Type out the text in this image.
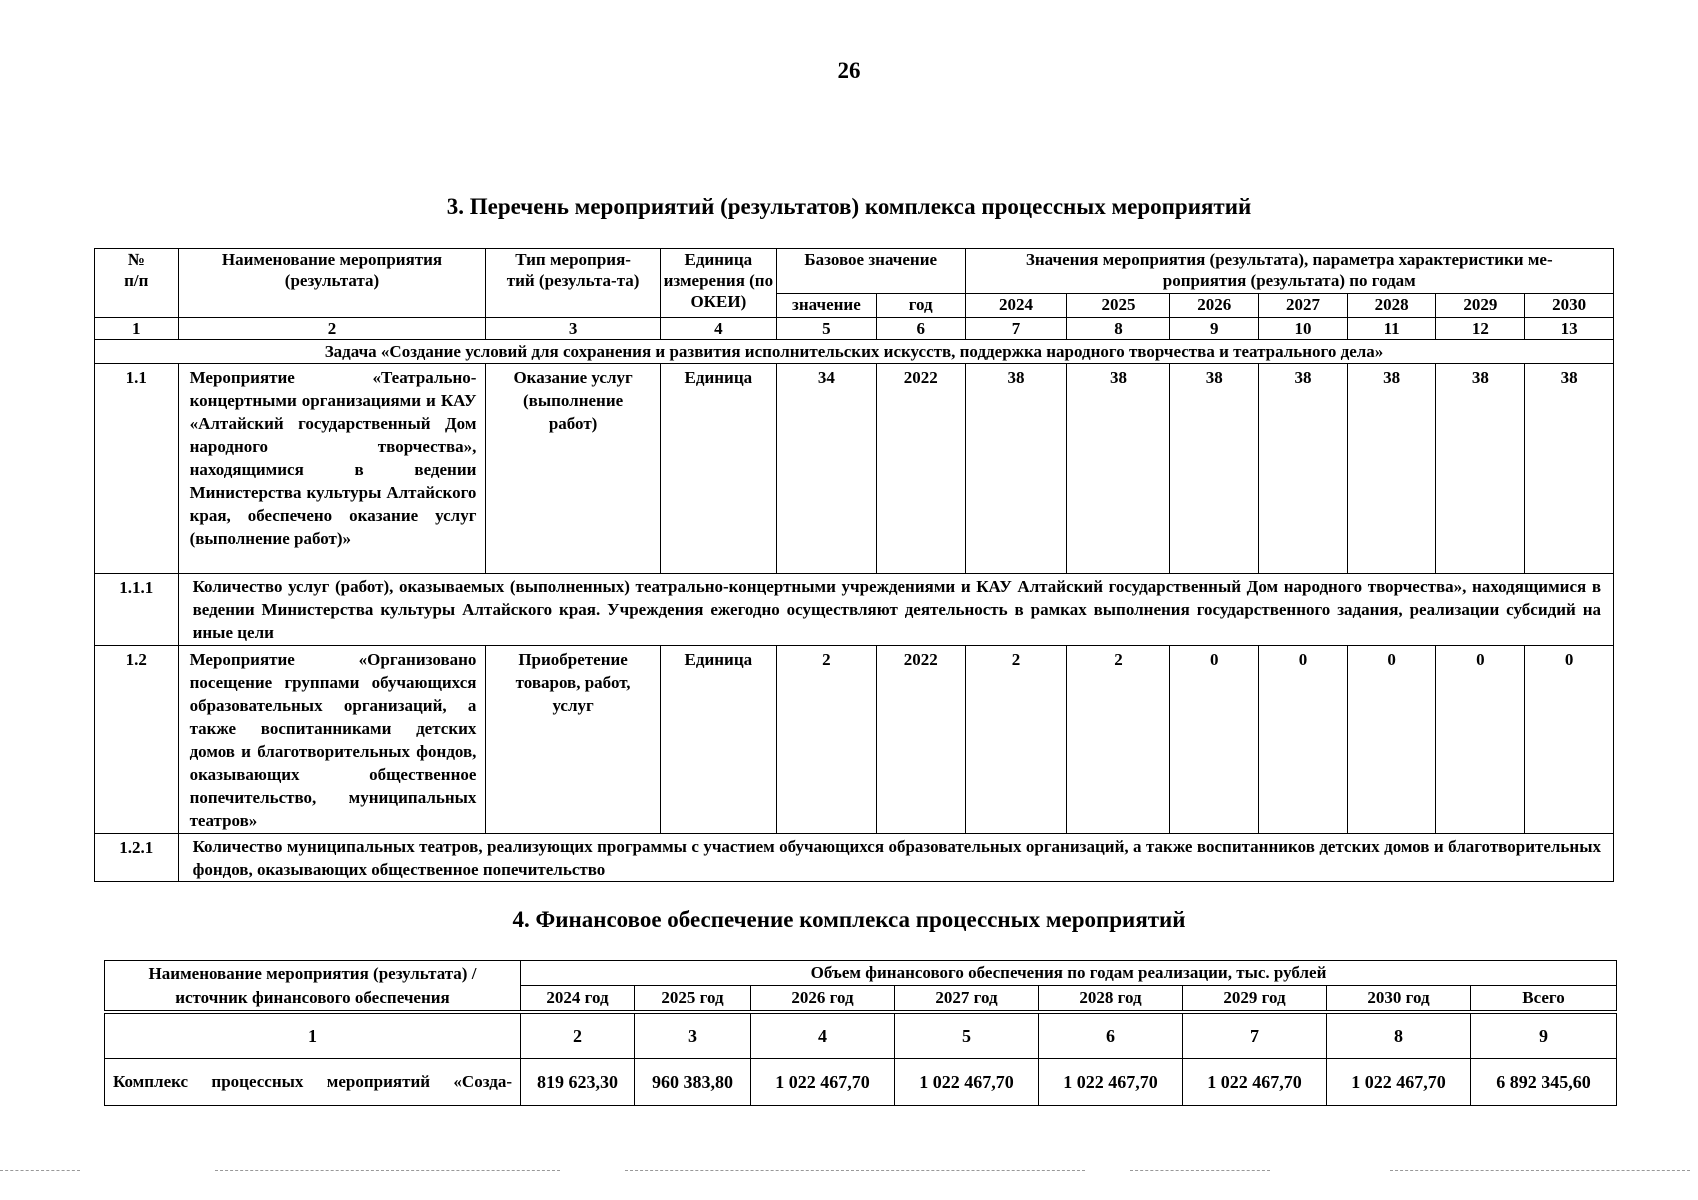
26
3. Перечень мероприятий (результатов) комплекса процессных мероприятий
№
п/п	Наименование мероприятия (результата)	Тип мероприя-тий (результа-та)	Единица измерения (по ОКЕИ)	Базовое значение		Значения мероприятия (результата), параметра характеристики ме-роприятия (результата) по годам						
				значение	год	2024	2025	2026	2027	2028	2029	2030
1	2	3	4	5	6	7	8	9	10	11	12	13
Задача «Создание условий для сохранения и развития исполнительских искусств, поддержка народного творчества и театрального дела»												
1.1	Мероприятие «Театрально-концертными организациями и КАУ «Алтайский государственный Дом народного творчества», находящимися в ведении Министерства культуры Алтайского края, обеспечено оказание услуг (выполнение работ)»	Оказание услуг (выполнение работ)	Единица	34	2022	38	38	38	38	38	38	38
1.1.1	Количество услуг (работ), оказываемых (выполненных) театрально-концертными учреждениями и КАУ Алтайский государственный Дом народного творчества», находящимися в ведении Министерства культуры Алтайского края. Учреждения ежегодно осуществляют деятельность в рамках выполнения государственного задания, реализации субсидий на иные цели											
1.2	Мероприятие «Организовано посещение группами обучающихся образовательных организаций, а также воспитанниками детских домов и благотворительных фондов, оказывающих общественное попечительство, муниципальных театров»	Приобретение товаров, работ, услуг	Единица	2	2022	2	2	0	0	0	0	0
1.2.1	Количество муниципальных театров, реализующих программы с участием обучающихся образовательных организаций, а также воспитанников детских домов и благотворительных фондов, оказывающих общественное попечительство											
4. Финансовое обеспечение комплекса процессных мероприятий
Наименование мероприятия (результата) / источник финансового обеспечения	Объем финансового обеспечения по годам реализации, тыс. рублей							
	2024 год	2025 год	2026 год	2027 год	2028 год	2029 год	2030 год	Всего
1	2	3	4	5	6	7	8	9
Комплекс процессных мероприятий «Созда-	819 623,30	960 383,80	1 022 467,70	1 022 467,70	1 022 467,70	1 022 467,70	1 022 467,70	6 892 345,60
